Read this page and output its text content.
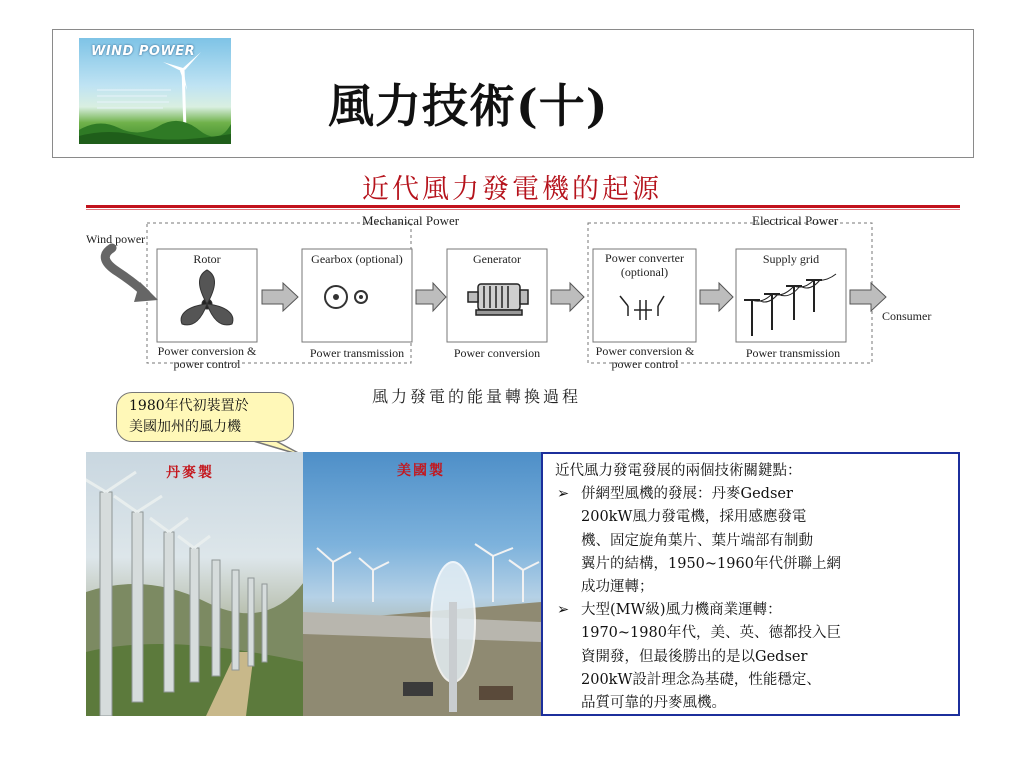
WIND POWER
風力技術(十)
近代風力發電機的起源
Mechanical Power	Electrical Power
Wind power
Consumer
Rotor	Gearbox (optional)	Generator	Power converter
(optional)
Supply grid
Power conversion &
power control
Power transmission	Power conversion	Power conversion &
power control
Power transmission
風力發電的能量轉換過程
1980年代初裝置於
美國加州的風力機
丹麥製	美國製	近代風力發電發展的兩個技術關鍵點：
➢ 併網型風機的發展：丹麥Gedser
200kW風力發電機，採用感應發電
機、固定旋角葉片、葉片端部有制動
翼片的結構，1950~1960年代併聯上網
成功運轉；
➢ 大型(MW級)風力機商業運轉：
1970~1980年代，美、英、德都投入巨
資開發，但最後勝出的是以Gedser
200kW設計理念為基礎，性能穩定、
品質可靠的丹麥風機。
